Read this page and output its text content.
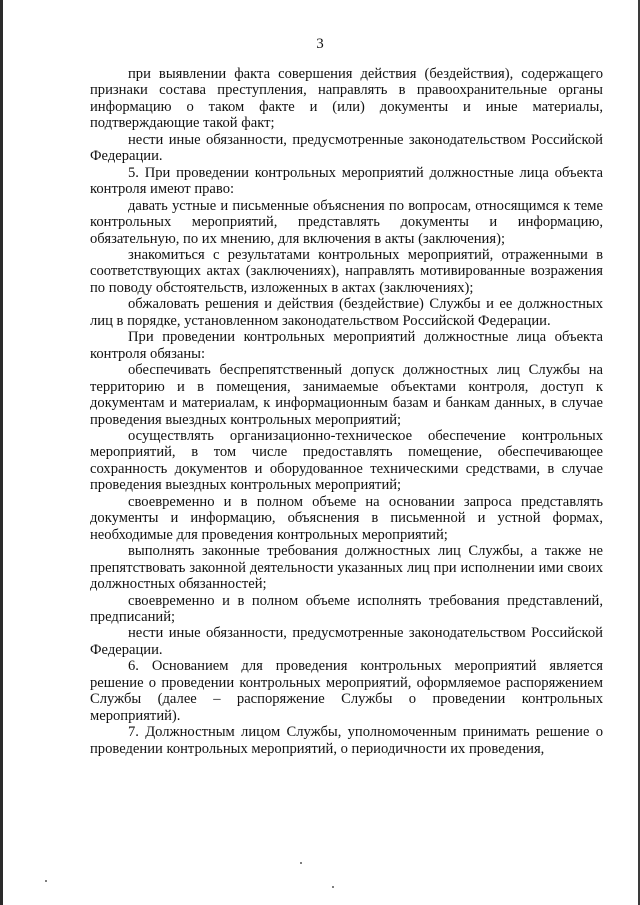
3

при выявлении факта совершения действия (бездействия), содержащего признаки состава преступления, направлять в правоохранительные органы информацию о таком факте и (или) документы и иные материалы, подтверждающие такой факт;

нести иные обязанности, предусмотренные законодательством Российской Федерации.

5. При проведении контрольных мероприятий должностные лица объекта контроля имеют право:

давать устные и письменные объяснения по вопросам, относящимся к теме контрольных мероприятий, представлять документы и информацию, обязательную, по их мнению, для включения в акты (заключения);

знакомиться с результатами контрольных мероприятий, отраженными в соответствующих актах (заключениях), направлять мотивированные возражения по поводу обстоятельств, изложенных в актах (заключениях);

обжаловать решения и действия (бездействие) Службы и ее должностных лиц в порядке, установленном законодательством Российской Федерации.

При проведении контрольных мероприятий должностные лица объекта контроля обязаны:

обеспечивать беспрепятственный допуск должностных лиц Службы на территорию и в помещения, занимаемые объектами контроля, доступ к документам и материалам, к информационным базам и банкам данных, в случае проведения выездных контрольных мероприятий;

осуществлять организационно-техническое обеспечение контрольных мероприятий, в том числе предоставлять помещение, обеспечивающее сохранность документов и оборудованное техническими средствами, в случае проведения выездных контрольных мероприятий;

своевременно и в полном объеме на основании запроса представлять документы и информацию, объяснения в письменной и устной формах, необходимые для проведения контрольных мероприятий;

выполнять законные требования должностных лиц Службы, а также не препятствовать законной деятельности указанных лиц при исполнении ими своих должностных обязанностей;

своевременно и в полном объеме исполнять требования представлений, предписаний;

нести иные обязанности, предусмотренные законодательством Российской Федерации.

6. Основанием для проведения контрольных мероприятий является решение о проведении контрольных мероприятий, оформляемое распоряжением Службы (далее – распоряжение Службы о проведении контрольных мероприятий).

7. Должностным лицом Службы, уполномоченным принимать решение о проведении контрольных мероприятий, о периодичности их проведения,
